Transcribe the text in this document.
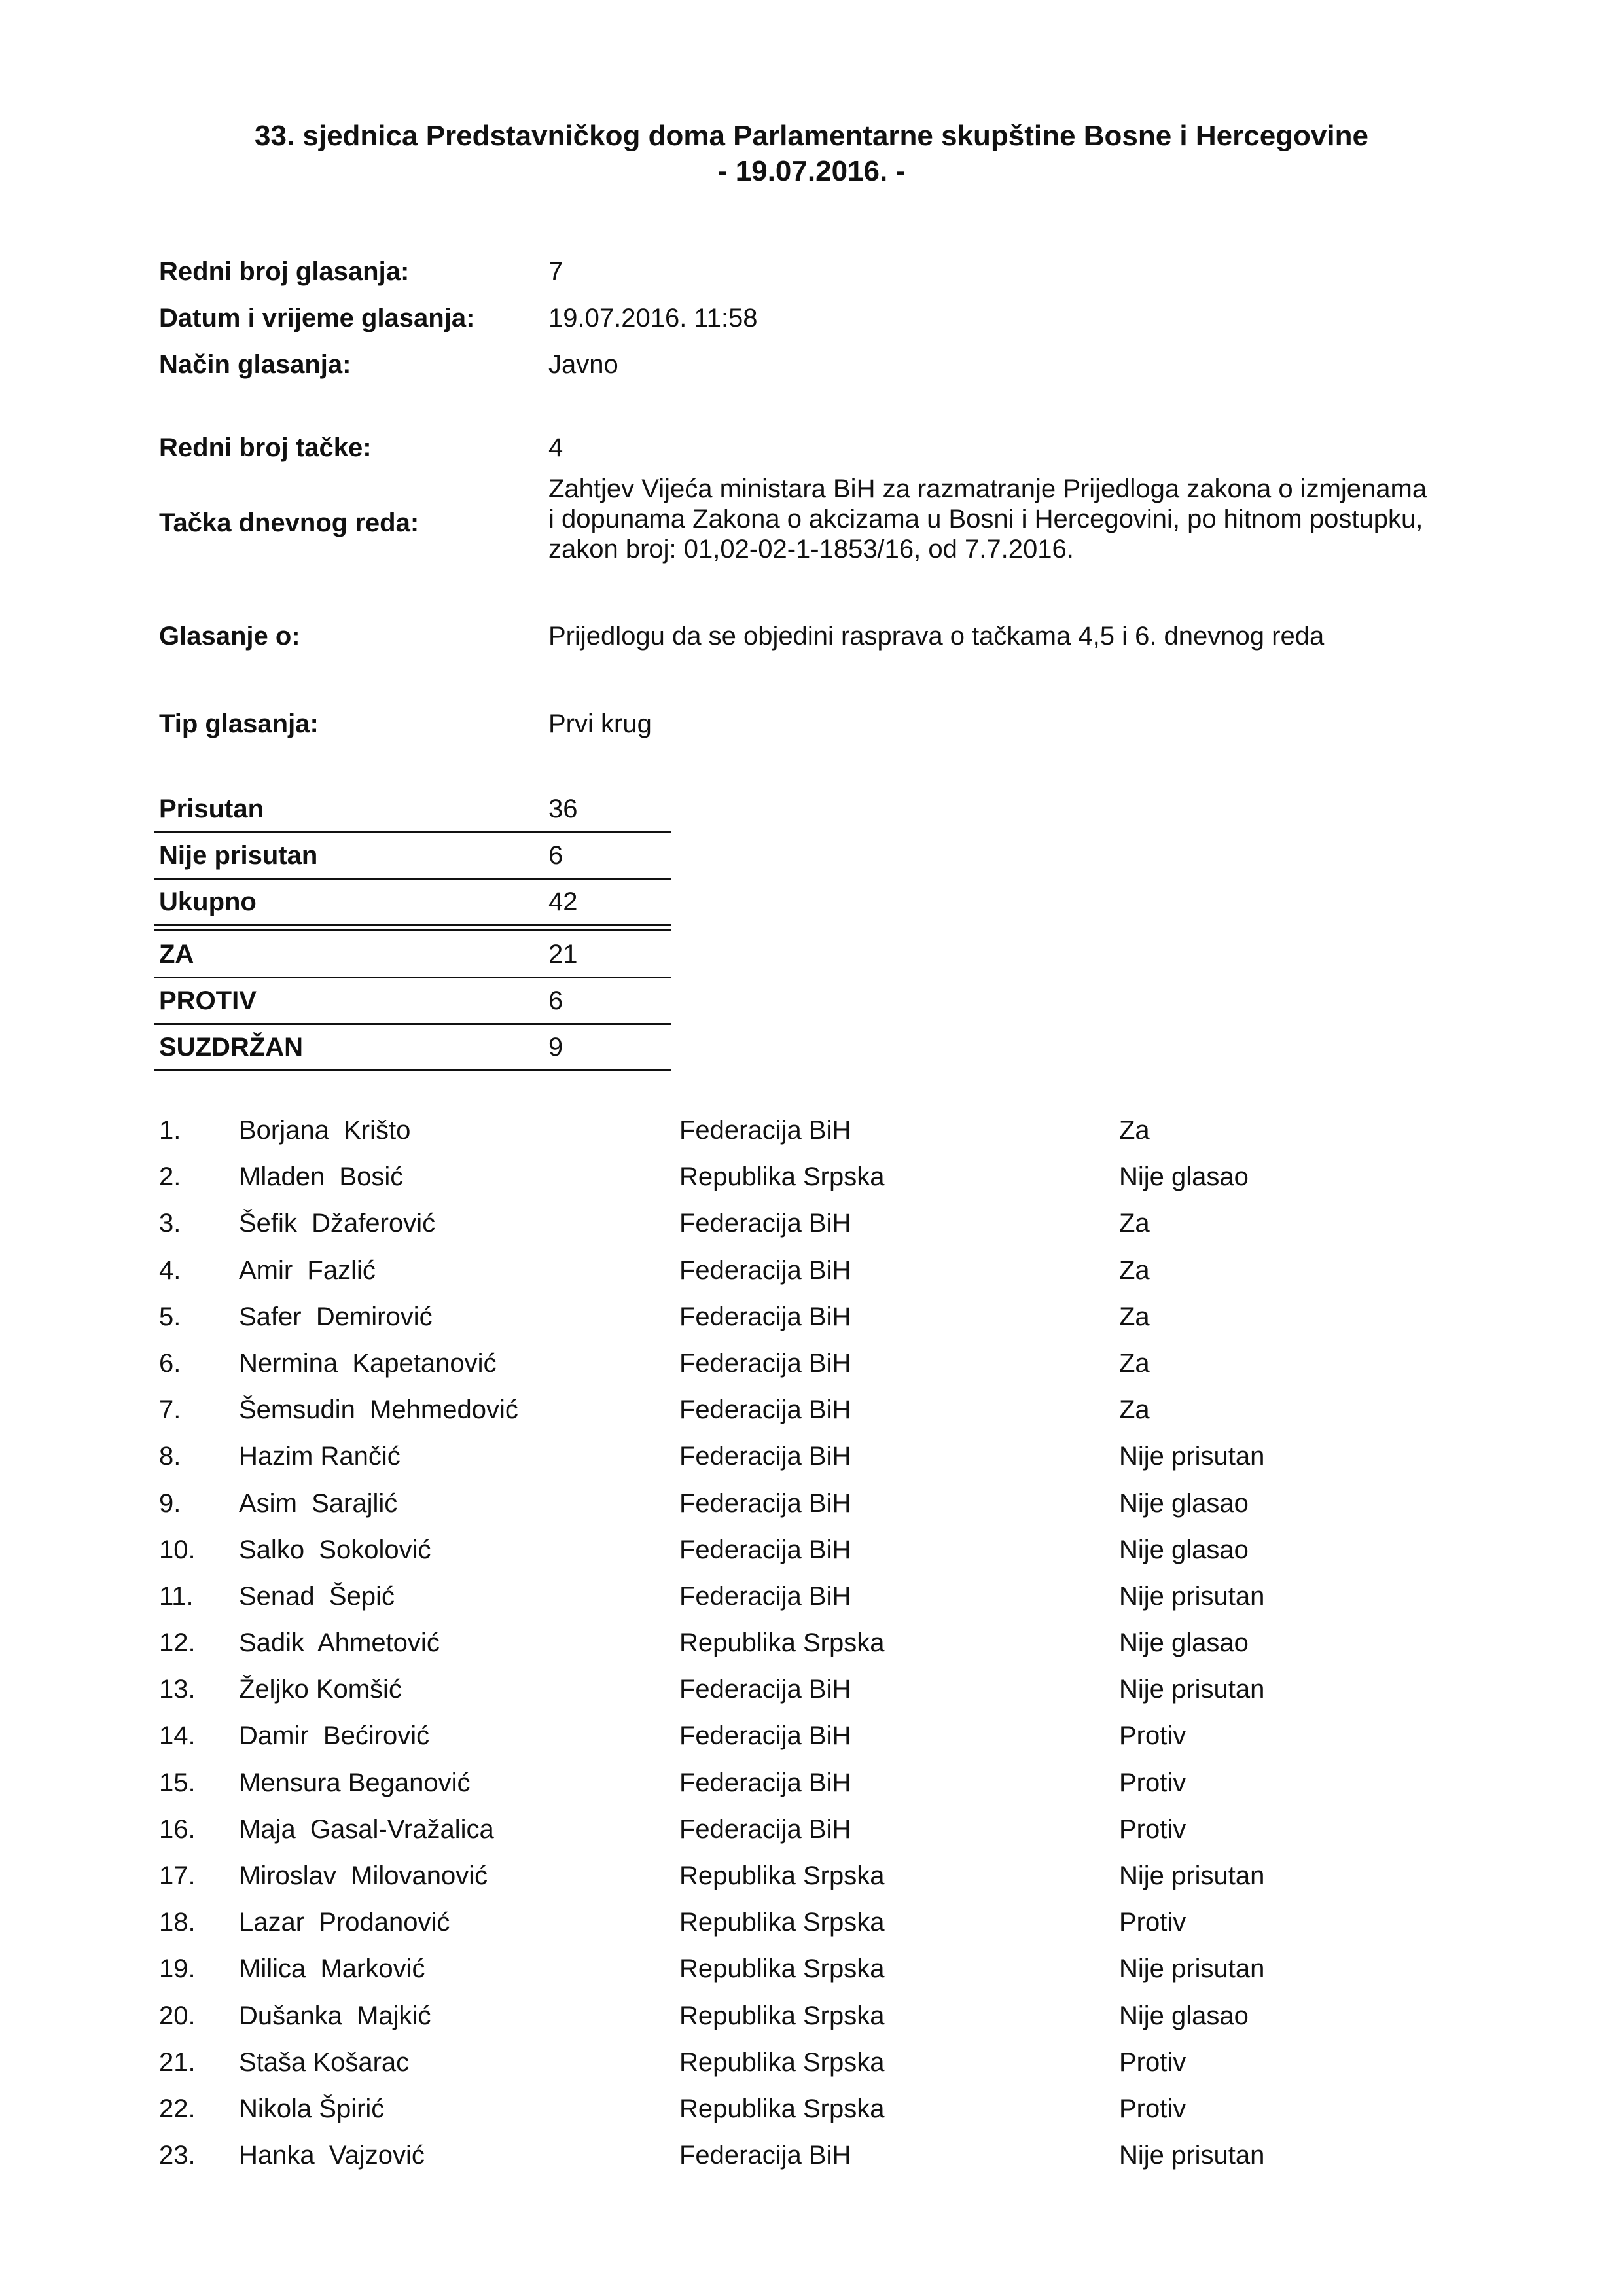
33. sjednica Predstavničkog doma Parlamentarne skupštine Bosne i Hercegovine
- 19.07.2016. -
Redni broj glasanja:	7
Datum i vrijeme glasanja:	19.07.2016. 11:58
Način glasanja:	Javno
Redni broj tačke:	4
Tačka dnevnog reda:
Zahtjev Vijeća ministara BiH za razmatranje Prijedloga zakona o izmjenama
i dopunama Zakona o akcizama u Bosni i Hercegovini, po hitnom postupku,
zakon broj: 01,02-02-1-1853/16, od 7.7.2016.
Glasanje o:	Prijedlogu da se objedini rasprava o tačkama 4,5 i 6. dnevnog reda
Tip glasanja:	Prvi krug
Prisutan	36
Nije prisutan	6
Ukupno	42
ZA	21
PROTIV	6
SUZDRŽAN	9
1. Borjana  Krišto	Federacija BiH	Za
2. Mladen  Bosić	Republika Srpska	Nije glasao
3. Šefik  Džaferović	Federacija BiH	Za
4. Amir  Fazlić	Federacija BiH	Za
5. Safer  Demirović	Federacija BiH	Za
6. Nermina  Kapetanović	Federacija BiH	Za
7. Šemsudin  Mehmedović	Federacija BiH	Za
8. Hazim Rančić	Federacija BiH	Nije prisutan
9. Asim  Sarajlić	Federacija BiH	Nije glasao
10. Salko  Sokolović	Federacija BiH	Nije glasao
11. Senad  Šepić	Federacija BiH	Nije prisutan
12. Sadik  Ahmetović	Republika Srpska	Nije glasao
13. Željko Komšić	Federacija BiH	Nije prisutan
14. Damir  Bećirović	Federacija BiH	Protiv
15. Mensura Beganović	Federacija BiH	Protiv
16. Maja  Gasal-Vražalica	Federacija BiH	Protiv
17. Miroslav  Milovanović	Republika Srpska	Nije prisutan
18. Lazar  Prodanović	Republika Srpska	Protiv
19. Milica  Marković	Republika Srpska	Nije prisutan
20. Dušanka  Majkić	Republika Srpska	Nije glasao
21. Staša Košarac	Republika Srpska	Protiv
22. Nikola Špirić	Republika Srpska	Protiv
23. Hanka  Vajzović	Federacija BiH	Nije prisutan
